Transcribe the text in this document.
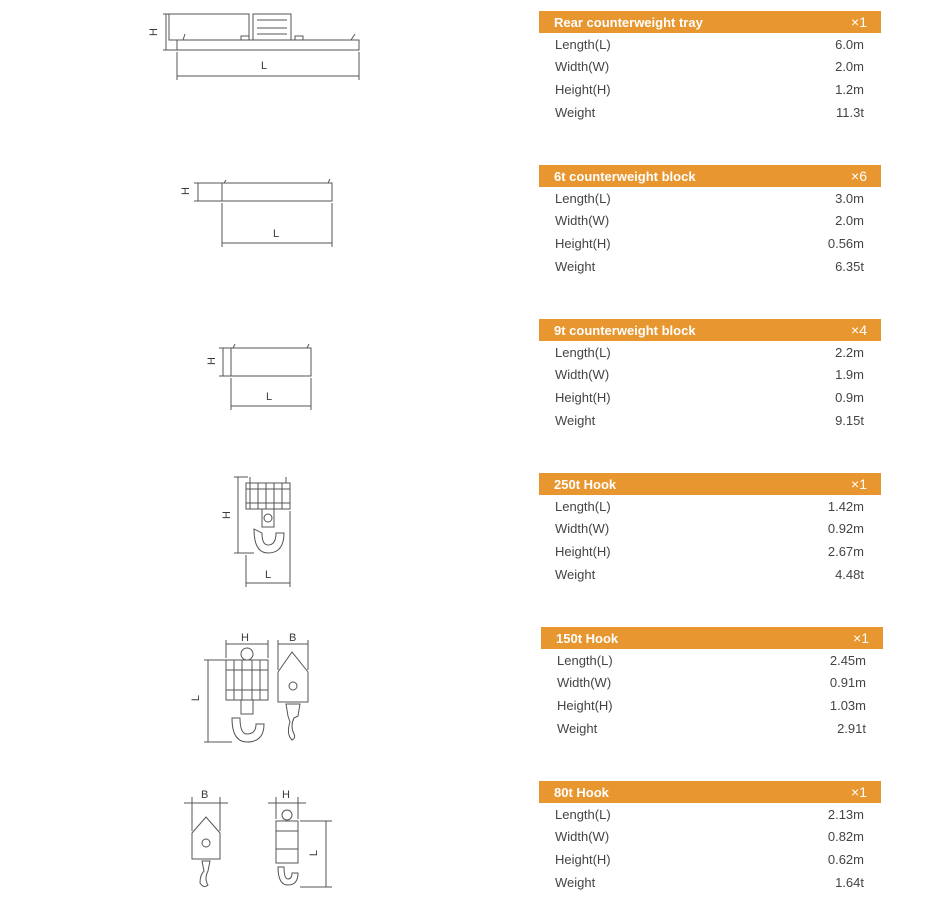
H
L
H
L
H
L
H
L
H	B
L
B	H
L
Rear counterweight tray	×1
Length(L)	6.0m
Width(W)	2.0m
Height(H)	1.2m
Weight	11.3t
6t counterweight block	×6
Length(L)	3.0m
Width(W)	2.0m
Height(H)	0.56m
Weight	6.35t
9t counterweight block	×4
Length(L)	2.2m
Width(W)	1.9m
Height(H)	0.9m
Weight	9.15t
250t Hook	×1
Length(L)	1.42m
Width(W)	0.92m
Height(H)	2.67m
Weight	4.48t
150t Hook	×1
Length(L)	2.45m
Width(W)	0.91m
Height(H)	1.03m
Weight	2.91t
80t Hook	×1
Length(L)	2.13m
Width(W)	0.82m
Height(H)	0.62m
Weight	1.64t
